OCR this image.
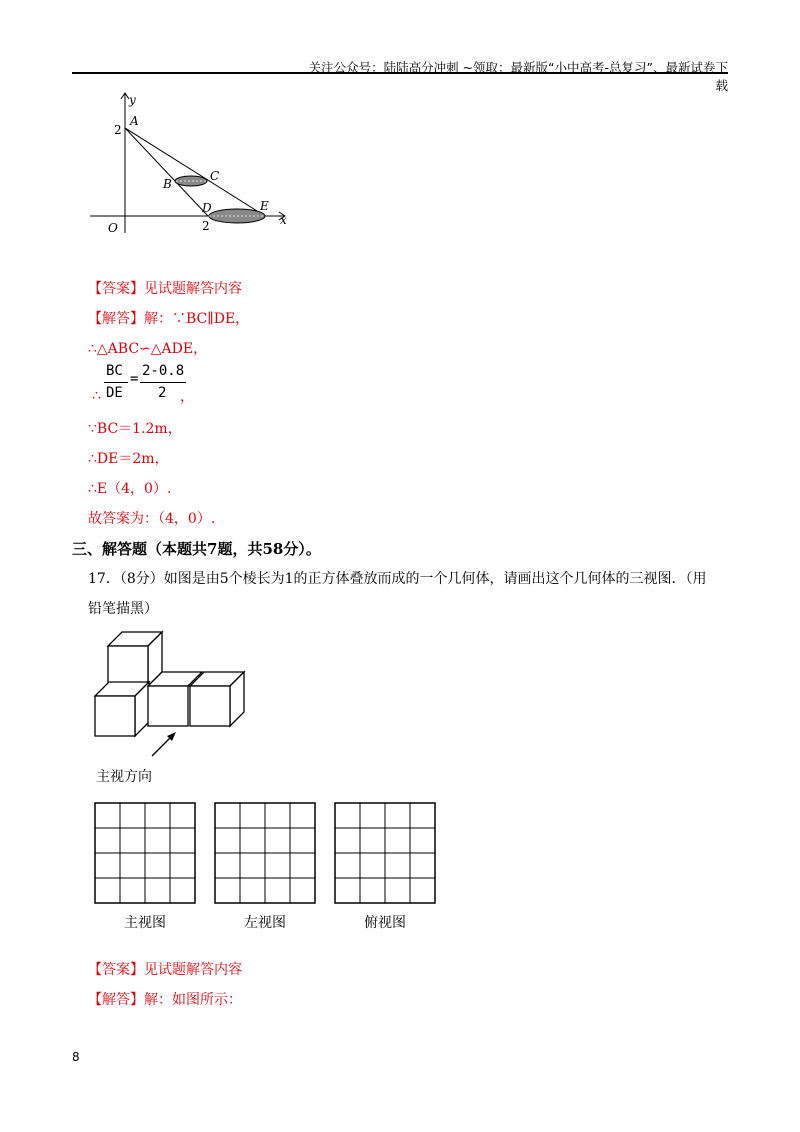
关注公众号：陆陆高分冲刺 ~领取：最新版“小中高考-总复习”、最新试卷下载
y
x
O
2
2
A
B
C
D	E
【答案】见试题解答内容
【解答】解：∵BC∥DE，
∴△ABC∽△ADE，
∴
BC
DE
= 2-0.8
2 ，
∵BC＝1.2m，
∴DE＝2m，
∴E（4，0）.
故答案为：（4，0）.
三、解答题（本题共7题，共58分）。
17．（8分）如图是由5个棱长为1的正方体叠放而成的一个几何体，请画出这个几何体的三视图．（用
铅笔描黑）
主视方向
主视图	左视图	俯视图
【答案】见试题解答内容
【解答】解：如图所示：
8
